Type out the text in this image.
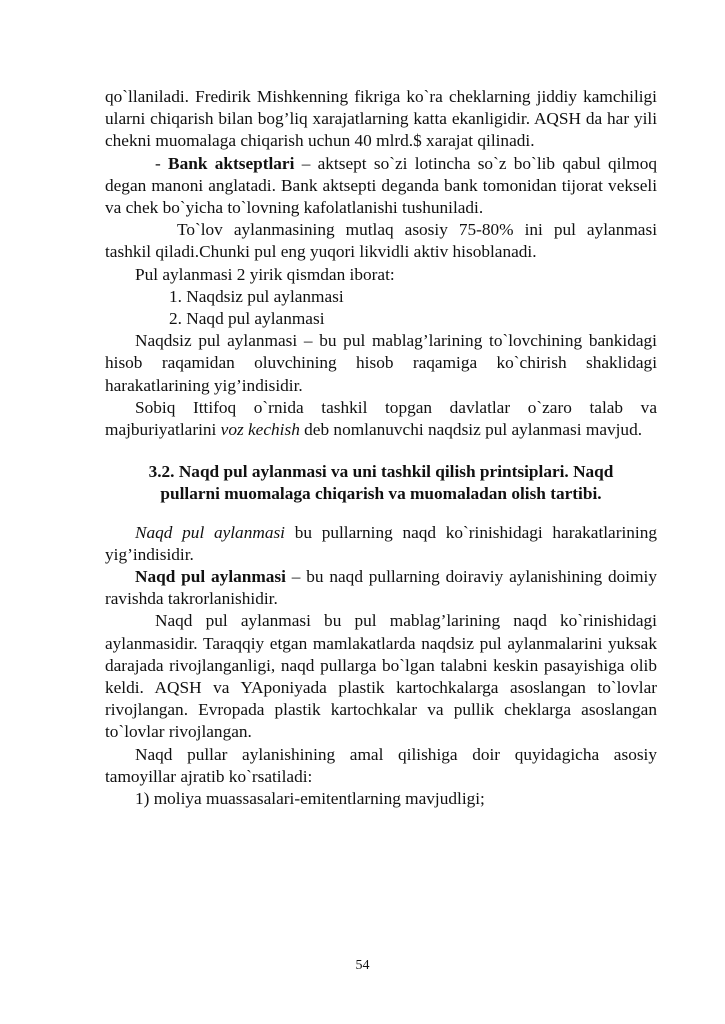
qo`llaniladi. Fredirik Mishkenning fikriga ko`ra cheklarning jiddiy kamchiligi ularni chiqarish bilan bog’liq xarajatlarning katta ekanligidir. AQSH da har yili chekni muomalaga chiqarish uchun 40 mlrd.$ xarajat qilinadi.

- Bank aktseptlari – aktsept so`zi lotincha so`z bo`lib qabul qilmoq degan manoni anglatadi. Bank aktsepti deganda bank tomonidan tijorat vekseli va chek bo`yicha to`lovning kafolatlanishi tushuniladi.

To`lov aylanmasining mutlaq asosiy 75-80% ini pul aylanmasi tashkil qiladi.Chunki pul eng yuqori likvidli aktiv hisoblanadi.

Pul aylanmasi 2 yirik qismdan iborat:

1. Naqdsiz pul aylanmasi

2. Naqd pul aylanmasi

Naqdsiz pul aylanmasi – bu pul mablag’larining to`lovchining bankidagi hisob raqamidan oluvchining hisob raqamiga ko`chirish shaklidagi harakatlarining yig’indisidir.

Sobiq Ittifoq o`rnida tashkil topgan davlatlar o`zaro talab va majburiyatlarini voz kechish deb nomlanuvchi naqdsiz pul aylanmasi mavjud.

3.2. Naqd pul aylanmasi va uni tashkil qilish printsiplari. Naqd
pullarni muomalaga chiqarish va muomaladan olish tartibi.

Naqd pul aylanmasi bu pullarning naqd ko`rinishidagi harakatlarining yig’indisidir.

Naqd pul aylanmasi – bu naqd pullarning doiraviy aylanishining doimiy ravishda takrorlanishidir.

Naqd pul aylanmasi bu pul mablag’larining naqd ko`rinishidagi aylanmasidir. Taraqqiy etgan mamlakatlarda naqdsiz pul aylanmalarini yuksak darajada rivojlanganligi, naqd pullarga bo`lgan talabni keskin pasayishiga olib keldi. AQSH va YAponiyada plastik kartochkalarga asoslangan to`lovlar rivojlangan. Evropada plastik kartochkalar va pullik cheklarga asoslangan to`lovlar rivojlangan.

Naqd pullar aylanishining amal qilishiga doir quyidagicha asosiy tamoyillar ajratib ko`rsatiladi:

1) moliya muassasalari-emitentlarning mavjudligi;

54
